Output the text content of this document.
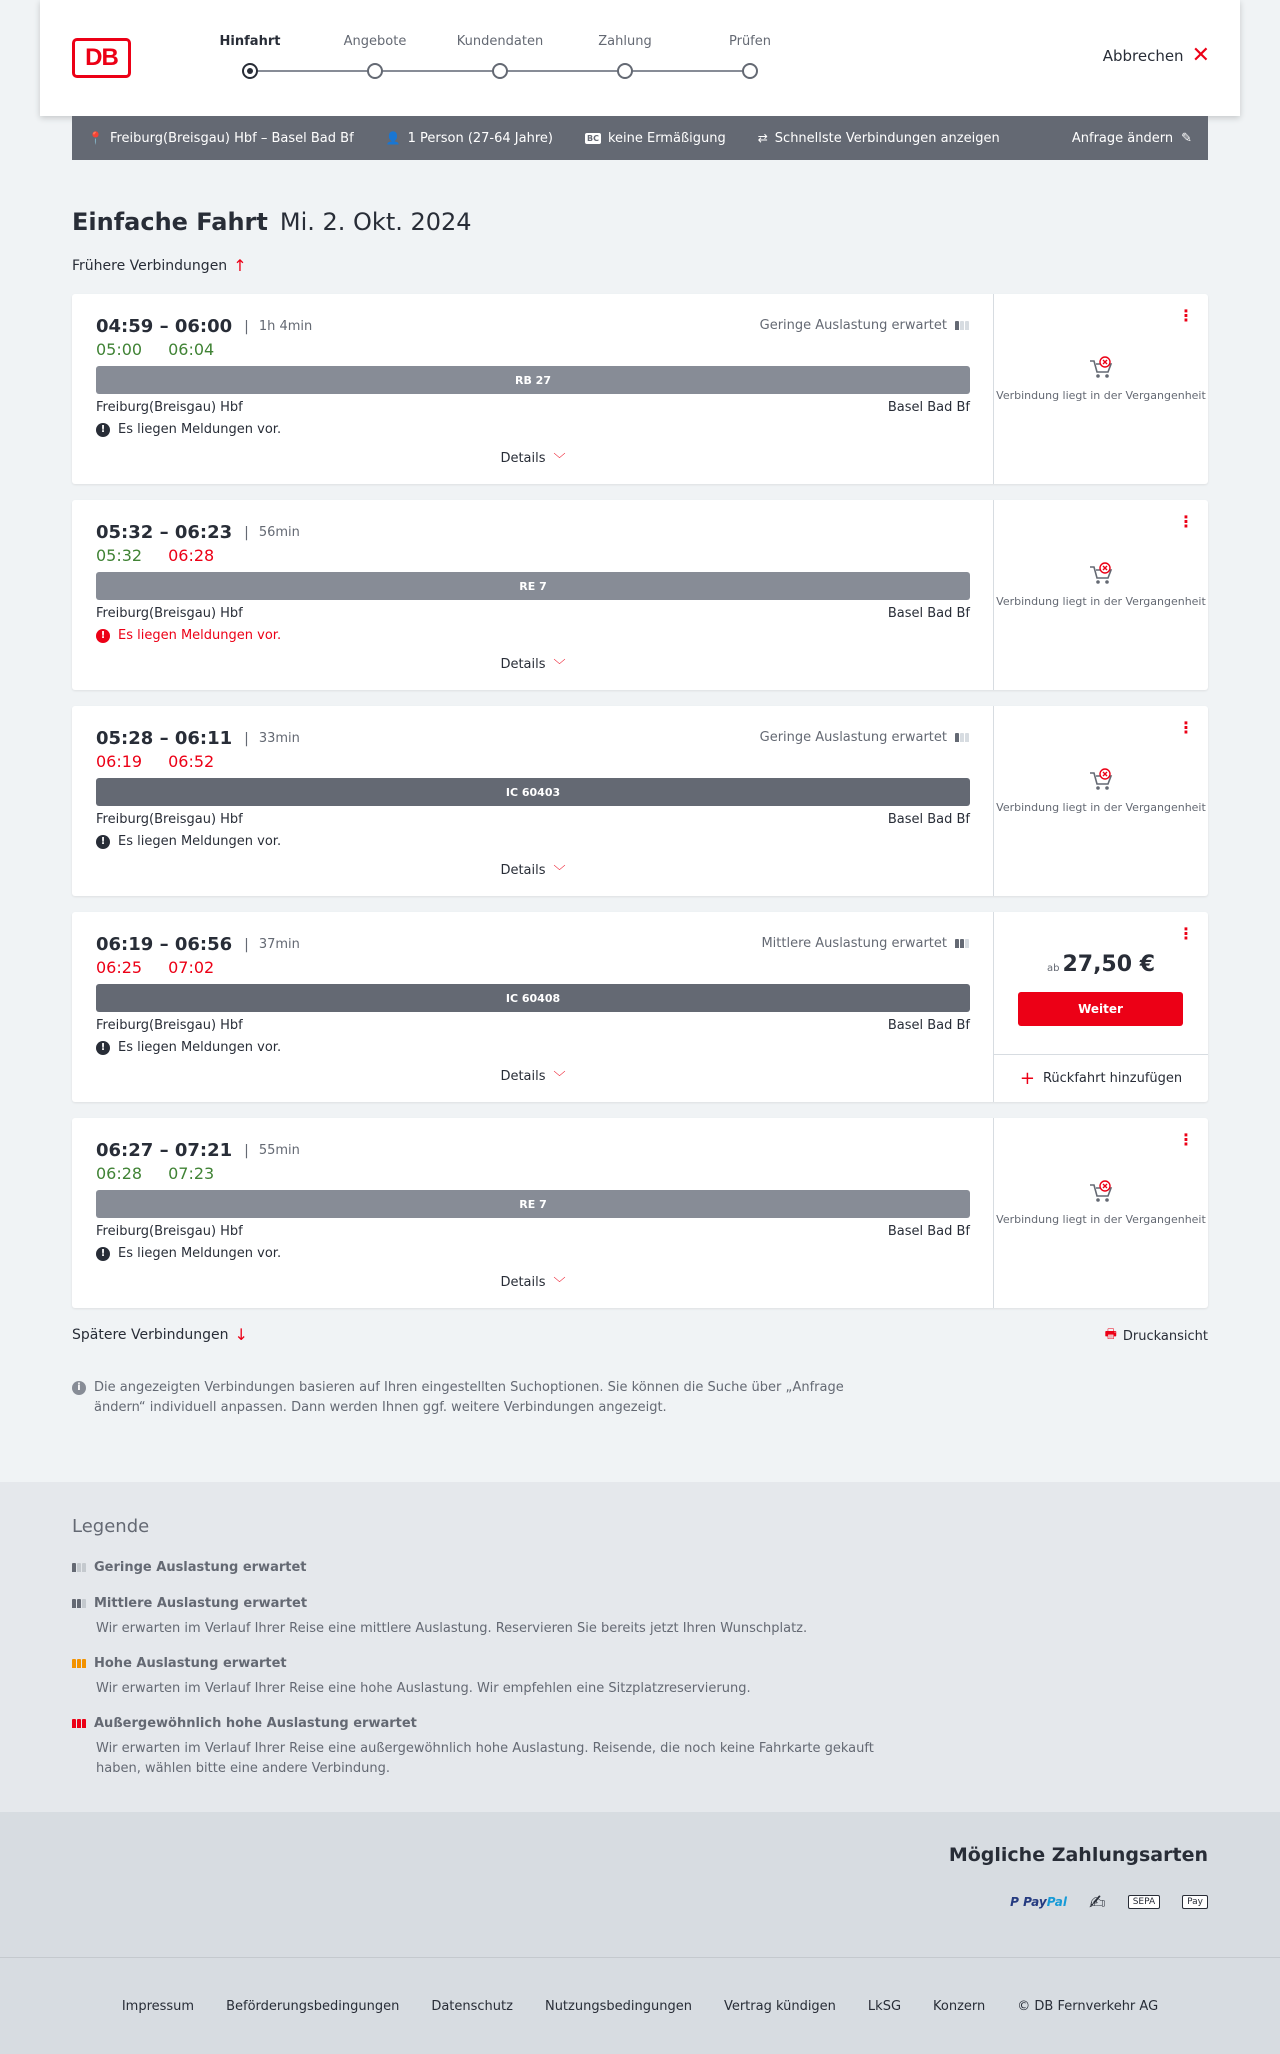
DB
Hinfahrt	Angebote	Kundendaten	Zahlung	Prüfen
Abbrechen ✕
📍 Freiburg(Breisgau) Hbf – Basel Bad Bf	👤 1 Person (27-64 Jahre)	BC keine Ermäßigung	⇄ Schnellste Verbindungen anzeigen	Anfrage ändern ✎
Einfache Fahrt Mi. 2. Okt. 2024
Frühere Verbindungen ↑
04:59 – 06:00 | 1h 4min
05:00 06:04
Geringe Auslastung erwartet
RB 27
Freiburg(Breisgau) Hbf	Basel Bad Bf
! Es liegen Meldungen vor.
Details ﹀
⋮
Verbindung liegt in der Vergangenheit
05:32 – 06:23 | 56min
05:32 06:28
RE 7
Freiburg(Breisgau) Hbf	Basel Bad Bf
! Es liegen Meldungen vor.
Details ﹀
⋮
Verbindung liegt in der Vergangenheit
05:28 – 06:11 | 33min
06:19 06:52
Geringe Auslastung erwartet
IC 60403
Freiburg(Breisgau) Hbf	Basel Bad Bf
! Es liegen Meldungen vor.
Details ﹀
⋮
Verbindung liegt in der Vergangenheit
06:19 – 06:56 | 37min
06:25 07:02
Mittlere Auslastung erwartet
IC 60408
Freiburg(Breisgau) Hbf	Basel Bad Bf
! Es liegen Meldungen vor.
Details ﹀
⋮
ab 27,50 €
Weiter
+ Rückfahrt hinzufügen
06:27 – 07:21 | 55min
06:28 07:23
RE 7
Freiburg(Breisgau) Hbf	Basel Bad Bf
! Es liegen Meldungen vor.
Details ﹀
⋮
Verbindung liegt in der Vergangenheit
Spätere Verbindungen ↓	🖶 Druckansicht
i	Die angezeigten Verbindungen basieren auf Ihren eingestellten Suchoptionen. Sie können die Suche über „Anfrage ändern“ individuell anpassen. Dann werden Ihnen ggf. weitere Verbindungen angezeigt.
Legende
Geringe Auslastung erwartet
Mittlere Auslastung erwartet
Wir erwarten im Verlauf Ihrer Reise eine mittlere Auslastung. Reservieren Sie bereits jetzt Ihren Wunschplatz.
Hohe Auslastung erwartet
Wir erwarten im Verlauf Ihrer Reise eine hohe Auslastung. Wir empfehlen eine Sitzplatzreservierung.
Außergewöhnlich hohe Auslastung erwartet
Wir erwarten im Verlauf Ihrer Reise eine außergewöhnlich hohe Auslastung. Reisende, die noch keine Fahrkarte gekauft haben, wählen bitte eine andere Verbindung.
Mögliche Zahlungsarten
P PayPal ✍	SEPA	Pay
Impressum Beförderungsbedingungen Datenschutz Nutzungsbedingungen Vertrag kündigen LkSG Konzern © DB Fernverkehr AG
